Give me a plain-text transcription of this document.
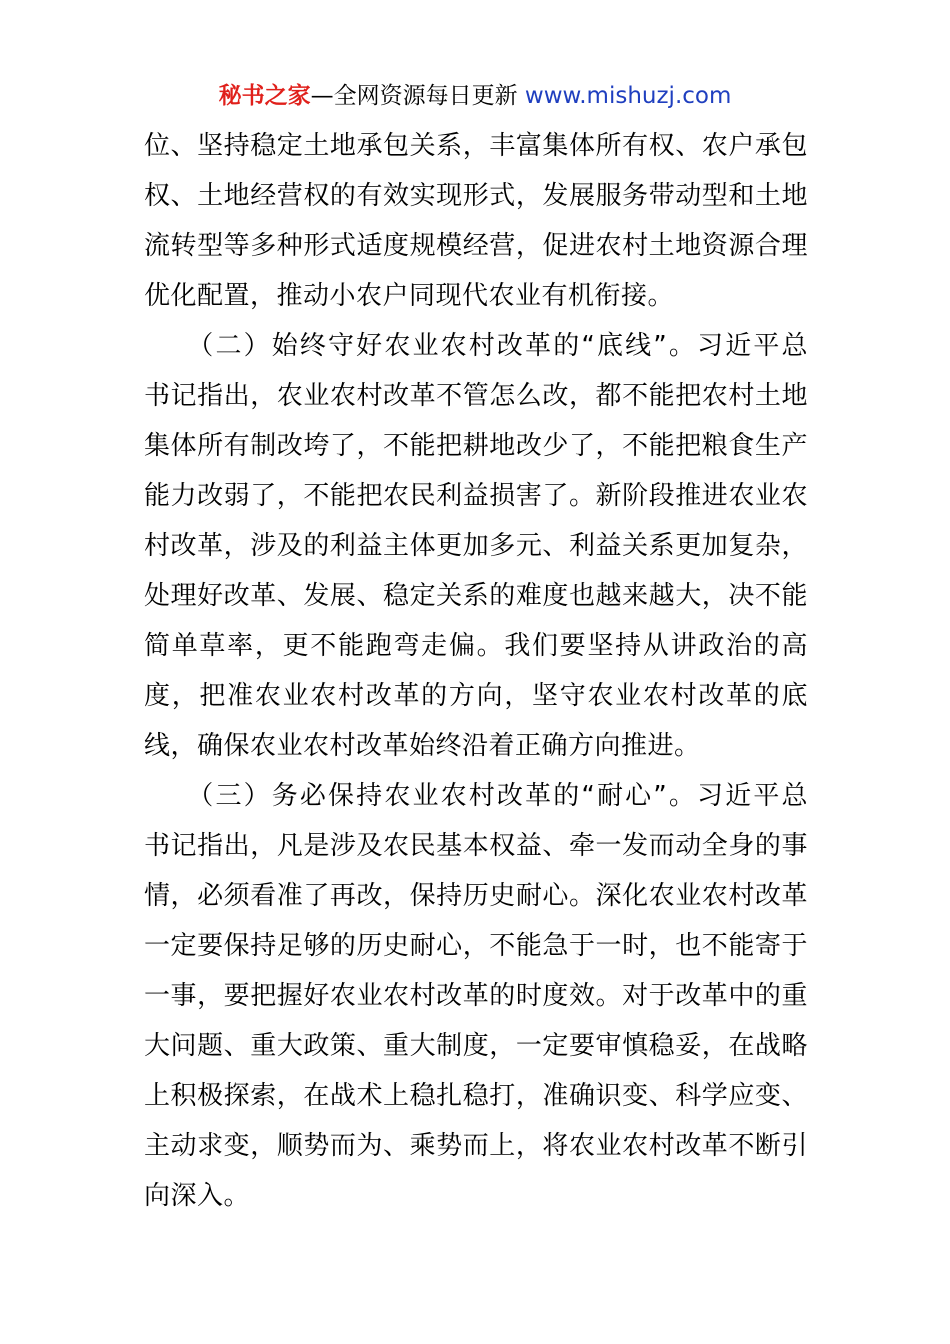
秘书之家—全网资源每日更新 www.mishuzj.com
位、坚持稳定土地承包关系，丰富集体所有权、农户承包
权、土地经营权的有效实现形式，发展服务带动型和土地
流转型等多种形式适度规模经营，促进农村土地资源合理
优化配置，推动小农户同现代农业有机衔接。
　　（二）始终守好农业农村改革的“底线”。习近平总
书记指出，农业农村改革不管怎么改，都不能把农村土地
集体所有制改垮了，不能把耕地改少了，不能把粮食生产
能力改弱了，不能把农民利益损害了。新阶段推进农业农
村改革，涉及的利益主体更加多元、利益关系更加复杂，
处理好改革、发展、稳定关系的难度也越来越大，决不能
简单草率，更不能跑弯走偏。我们要坚持从讲政治的高
度，把准农业农村改革的方向，坚守农业农村改革的底
线，确保农业农村改革始终沿着正确方向推进。
　　（三）务必保持农业农村改革的“耐心”。习近平总
书记指出，凡是涉及农民基本权益、牵一发而动全身的事
情，必须看准了再改，保持历史耐心。深化农业农村改革
一定要保持足够的历史耐心，不能急于一时，也不能寄于
一事，要把握好农业农村改革的时度效。对于改革中的重
大问题、重大政策、重大制度，一定要审慎稳妥，在战略
上积极探索，在战术上稳扎稳打，准确识变、科学应变、
主动求变，顺势而为、乘势而上，将农业农村改革不断引
向深入。
